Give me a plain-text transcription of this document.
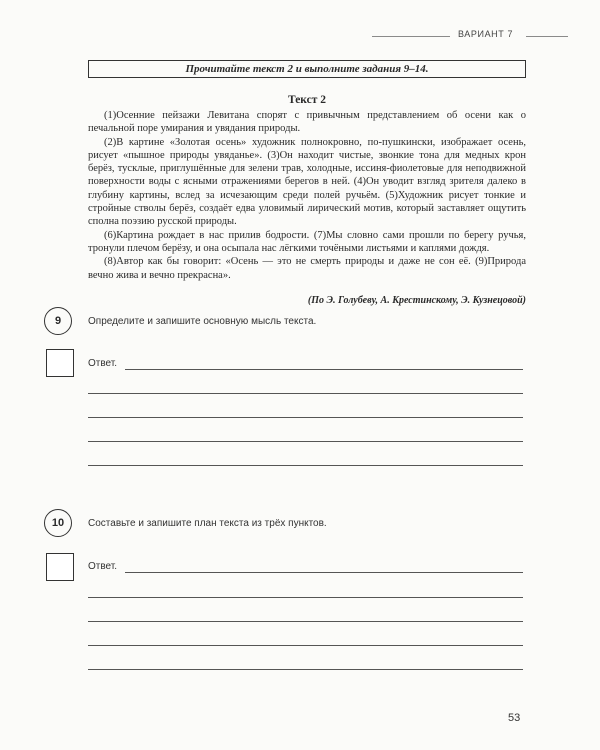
ВАРИАНТ 7
Прочитайте текст 2 и выполните задания 9–14.
Текст 2

(1)Осенние пейзажи Левитана спорят с привычным представлением об осени как о печальной поре умирания и увядания природы.

(2)В картине «Золотая осень» художник полнокровно, по-пушкински, изображает осень, рисует «пышное природы увяданье». (3)Он находит чистые, звонкие тона для медных крон берёз, тусклые, приглушённые для зелени трав, холодные, иссиня-фиолетовые для неподвижной поверхности воды с ясными отражениями берегов в ней. (4)Он уводит взгляд зрителя далеко в глубину картины, вслед за исчезающим среди полей ручьём. (5)Художник рисует тонкие и стройные стволы берёз, создаёт едва уловимый лирический мотив, который заставляет ощутить сполна поэзию русской природы.

(6)Картина рождает в нас прилив бодрости. (7)Мы словно сами прошли по берегу ручья, тронули плечом берёзу, и она осыпала нас лёгкими точёными листьями и каплями дождя.

(8)Автор как бы говорит: «Осень — это не смерть природы и даже не сон её. (9)Природа вечно жива и вечно прекрасна».

(По Э. Голубеву, А. Крестинскому, Э. Кузнецовой)
9	Определите и запишите основную мысль текста.
Ответ.
10	Составьте и запишите план текста из трёх пунктов.
Ответ.
53
